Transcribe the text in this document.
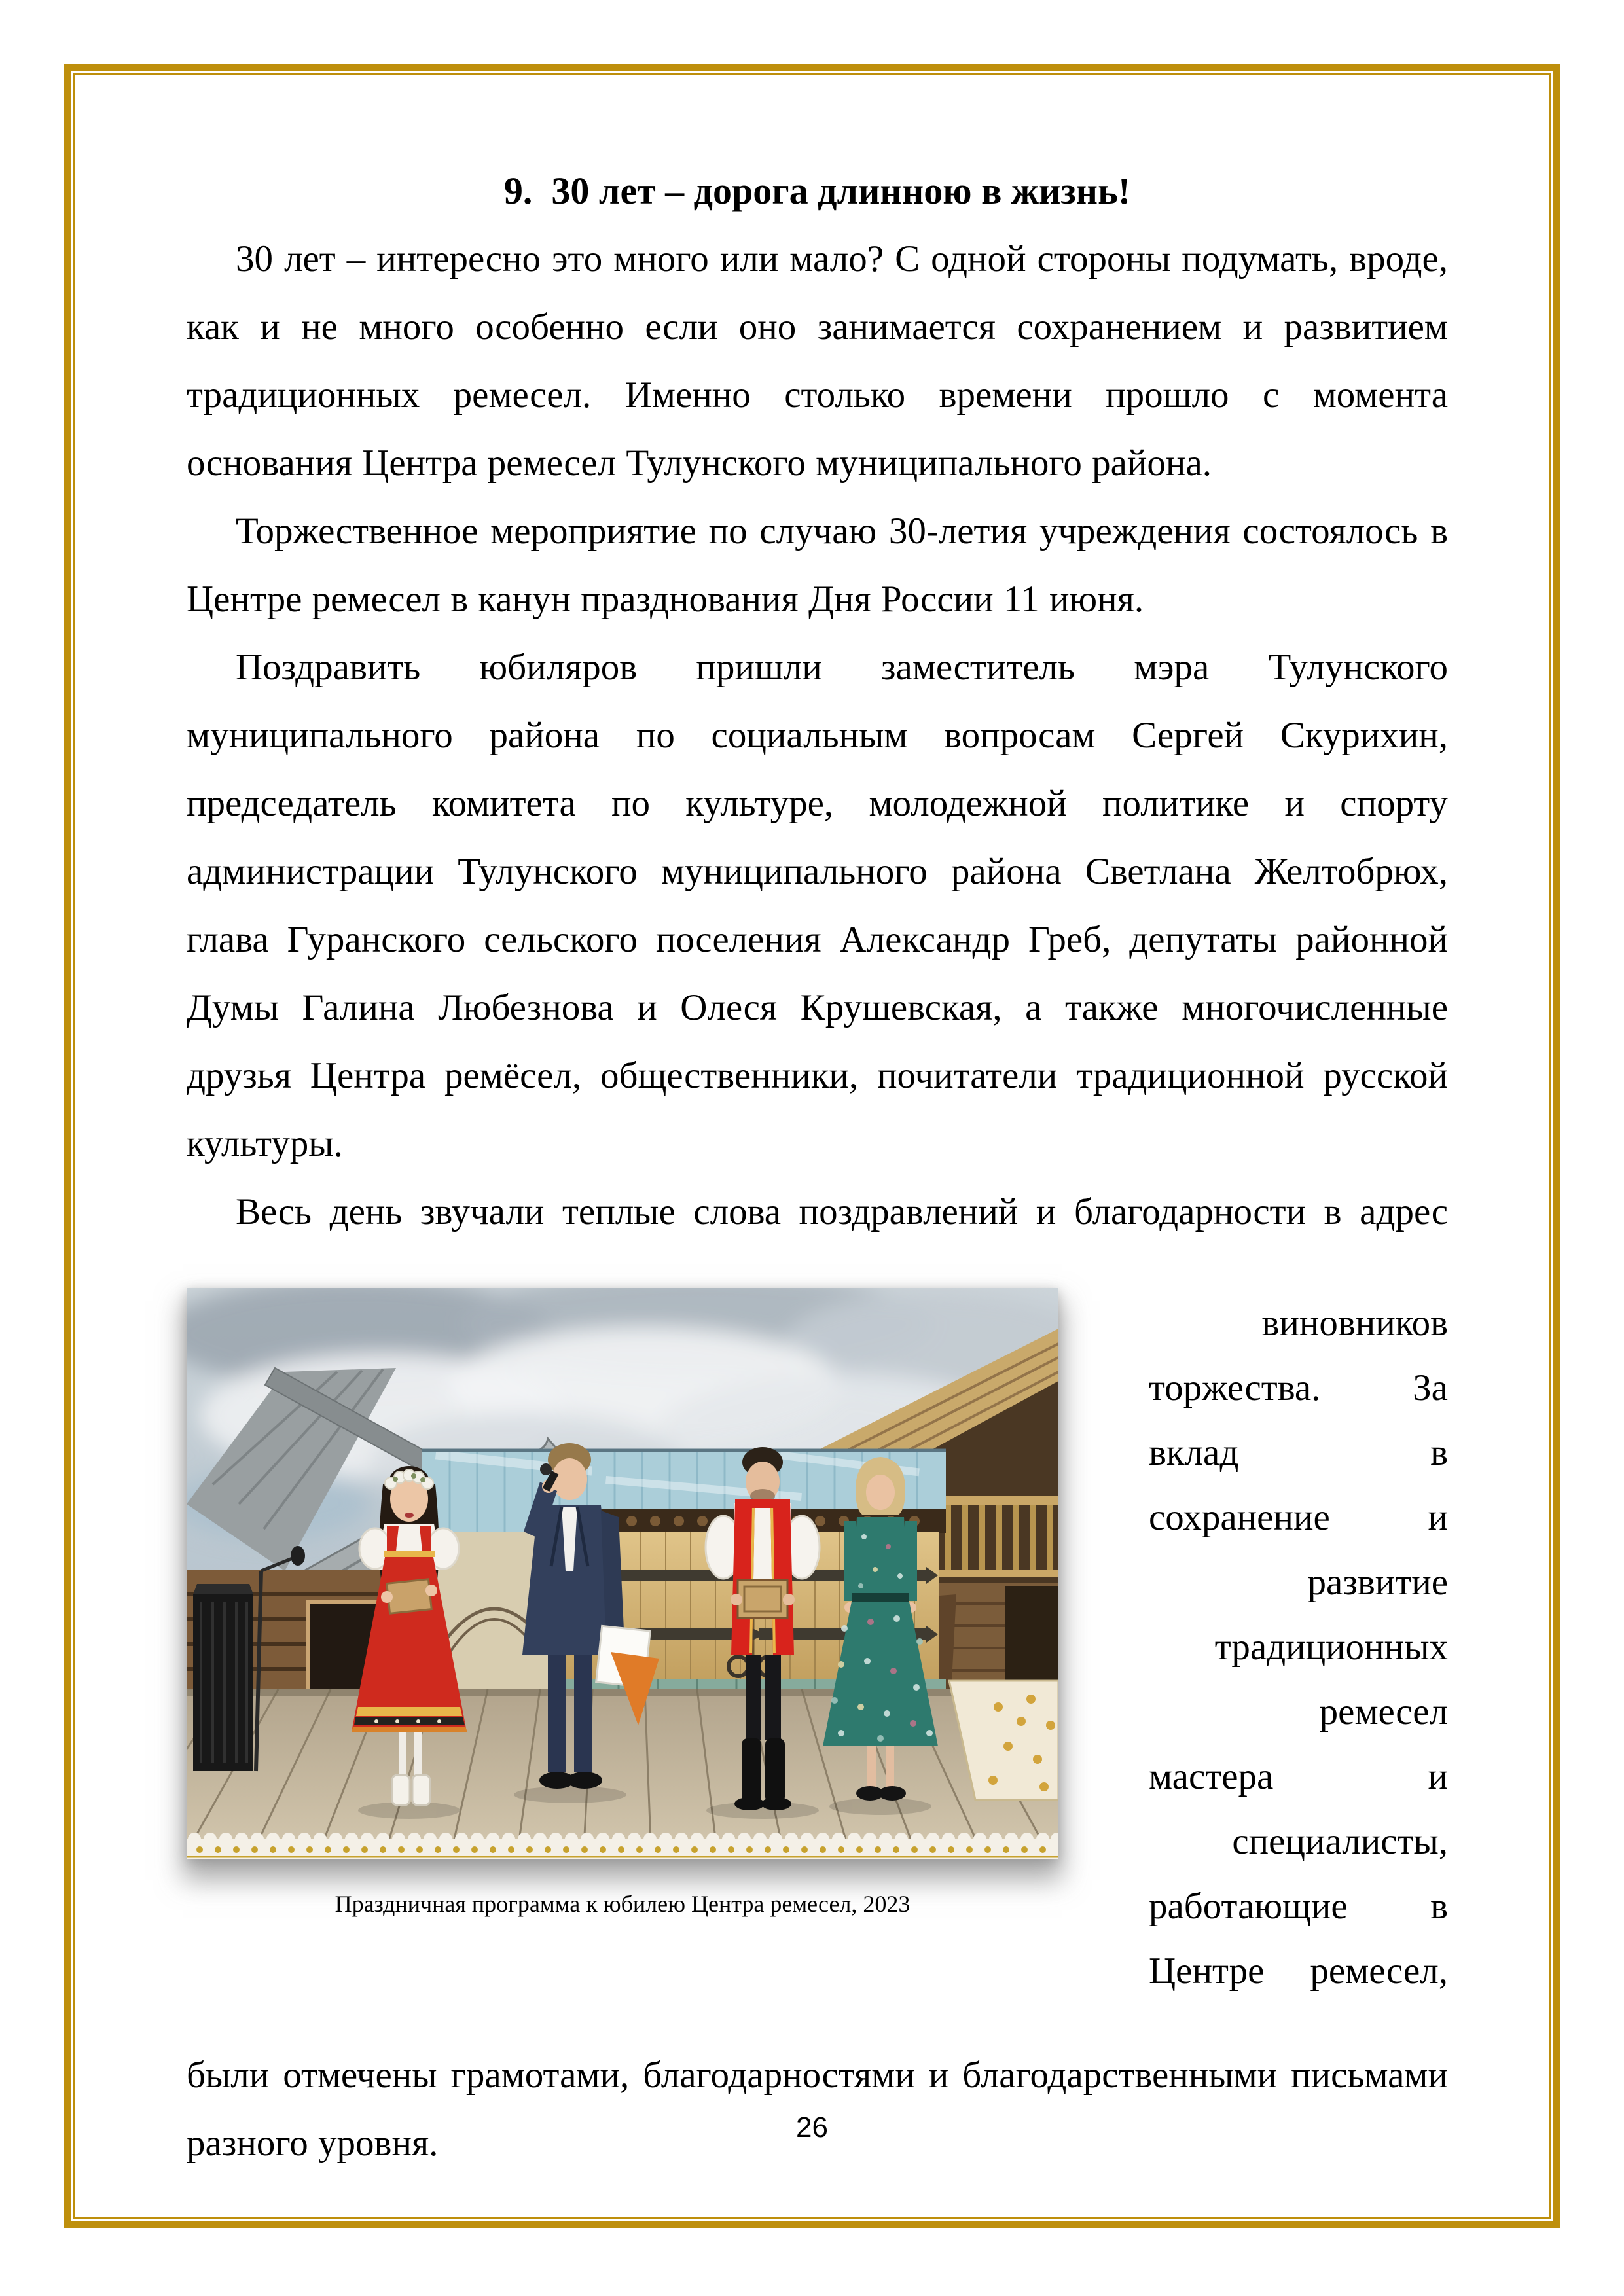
9.  30 лет – дорога длинною в жизнь!

30 лет – интересно это много или мало? С одной стороны подумать, вроде, как и не много особенно если оно занимается сохранением и развитием традиционных ремесел. Именно столько времени прошло с момента основания Центра ремесел Тулунского муниципального района.

Торжественное мероприятие по случаю 30-летия учреждения состоялось в Центре ремесел в канун празднования Дня России 11 июня.

Поздравить юбиляров пришли заместитель мэра Тулунского муниципального района по социальным вопросам Сергей Скурихин, председатель комитета по культуре, молодежной политике и спорту администрации Тулунского муниципального района Светлана Желтобрюх, глава Гуранского сельского поселения Александр Греб, депутаты районной Думы Галина Любезнова и Олеся Крушевская, а также многочисленные друзья Центра ремёсел, общественники, почитатели традиционной русской культуры.

Весь день звучали теплые слова поздравлений и благодарности в адрес

Праздничная программа к юбилею Центра ремесел, 2023
виновников
торжества. За
вклад в
сохранение и
развитие
традиционных
ремесел
мастера и
специалисты,
работающие в
Центре ремесел,

были отмечены грамотами, благодарностями и благодарственными письмами разного уровня.	26
